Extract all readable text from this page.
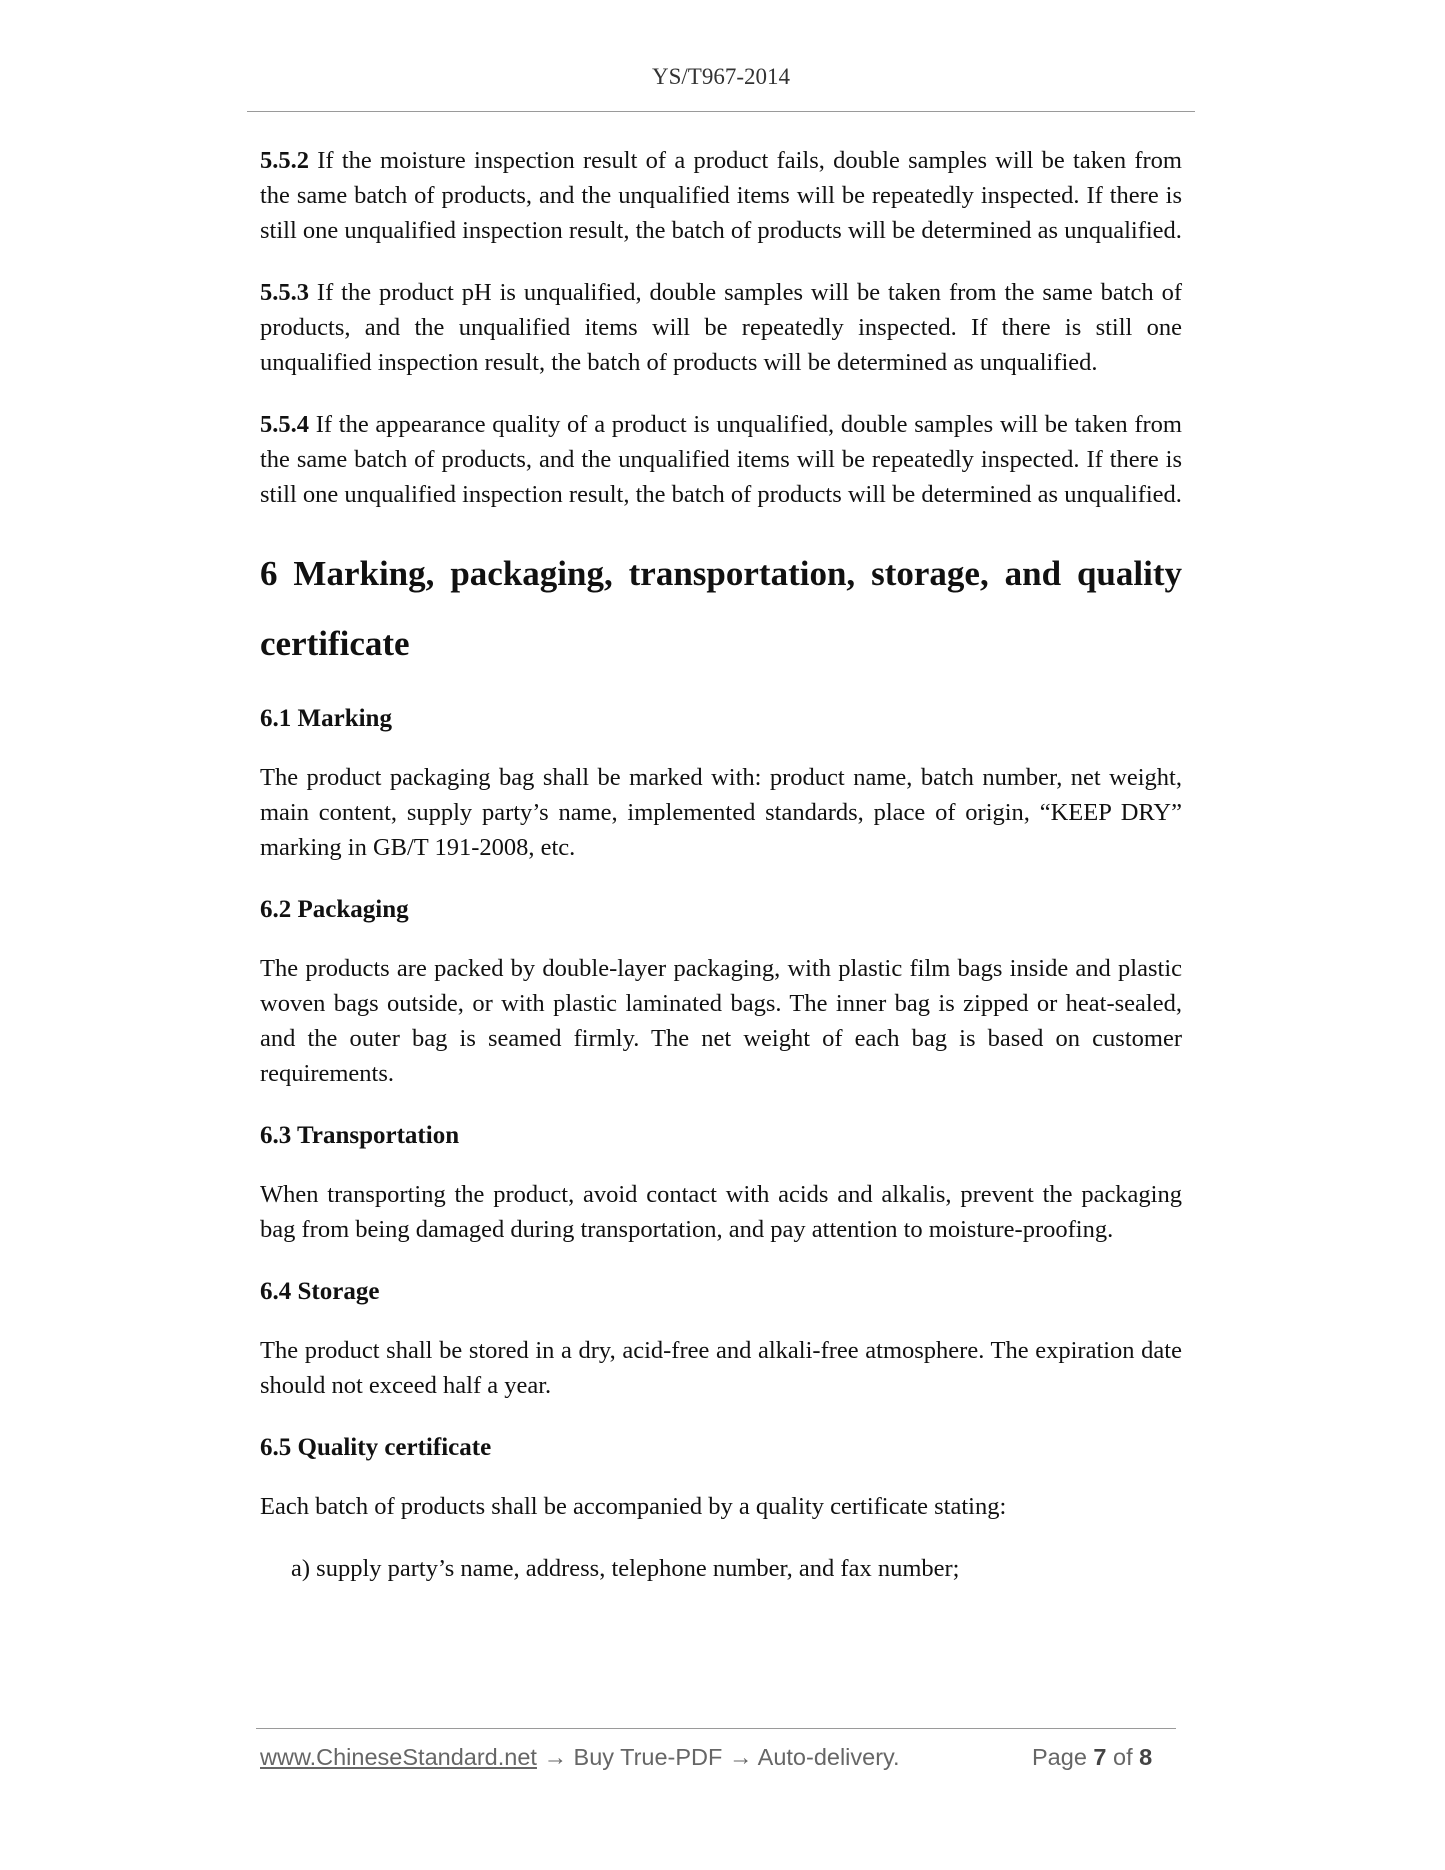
YS/T967-2014

5.5.2 If the moisture inspection result of a product fails, double samples will be taken from the same batch of products, and the unqualified items will be repeatedly inspected. If there is still one unqualified inspection result, the batch of products will be determined as unqualified.

5.5.3 If the product pH is unqualified, double samples will be taken from the same batch of products, and the unqualified items will be repeatedly inspected. If there is still one unqualified inspection result, the batch of products will be determined as unqualified.

5.5.4 If the appearance quality of a product is unqualified, double samples will be taken from the same batch of products, and the unqualified items will be repeatedly inspected. If there is still one unqualified inspection result, the batch of products will be determined as unqualified.

6 Marking, packaging, transportation, storage, and quality
certificate
6.1 Marking

The product packaging bag shall be marked with: product name, batch number, net weight, main content, supply party’s name, implemented standards, place of origin, “KEEP DRY” marking in GB/T 191-2008, etc.

6.2 Packaging

The products are packed by double-layer packaging, with plastic film bags inside and plastic woven bags outside, or with plastic laminated bags. The inner bag is zipped or heat-sealed, and the outer bag is seamed firmly. The net weight of each bag is based on customer requirements.

6.3 Transportation

When transporting the product, avoid contact with acids and alkalis, prevent the packaging bag from being damaged during transportation, and pay attention to moisture-proofing.

6.4 Storage

The product shall be stored in a dry, acid-free and alkali-free atmosphere. The expiration date should not exceed half a year.

6.5 Quality certificate

Each batch of products shall be accompanied by a quality certificate stating:

a) supply party’s name, address, telephone number, and fax number;

www.ChineseStandard.net → Buy True-PDF → Auto-delivery.	Page 7 of 8
